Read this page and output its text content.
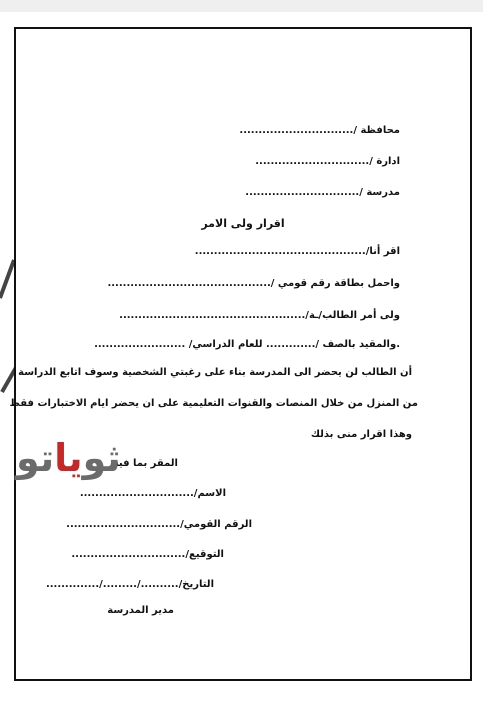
محافظة /..............................
ادارة /..............................
مدرسة /..............................
اقرار ولى الامر
اقر أنا/.............................................
واحمل بطاقة رقم قومي /...........................................
ولى أمر الطالب/ـة/.................................................
.والمقيد بالصف /............. للعام الدراسي/ ........................
أن الطالب لن يحضر الى المدرسة بناء على رغبتي الشخصية وسوف اتابع الدراسة
من المنزل من خلال المنصات والقنوات التعليمية على ان يحضر ايام الاختبارات فقط
وهذا اقرار منى بذلك
المقر بما فيه
الاسم/..............................
الرقم القومي/..............................
التوقيع/..............................
التاريخ/........../........./..............
مدير المدرسة
ثوياتو
